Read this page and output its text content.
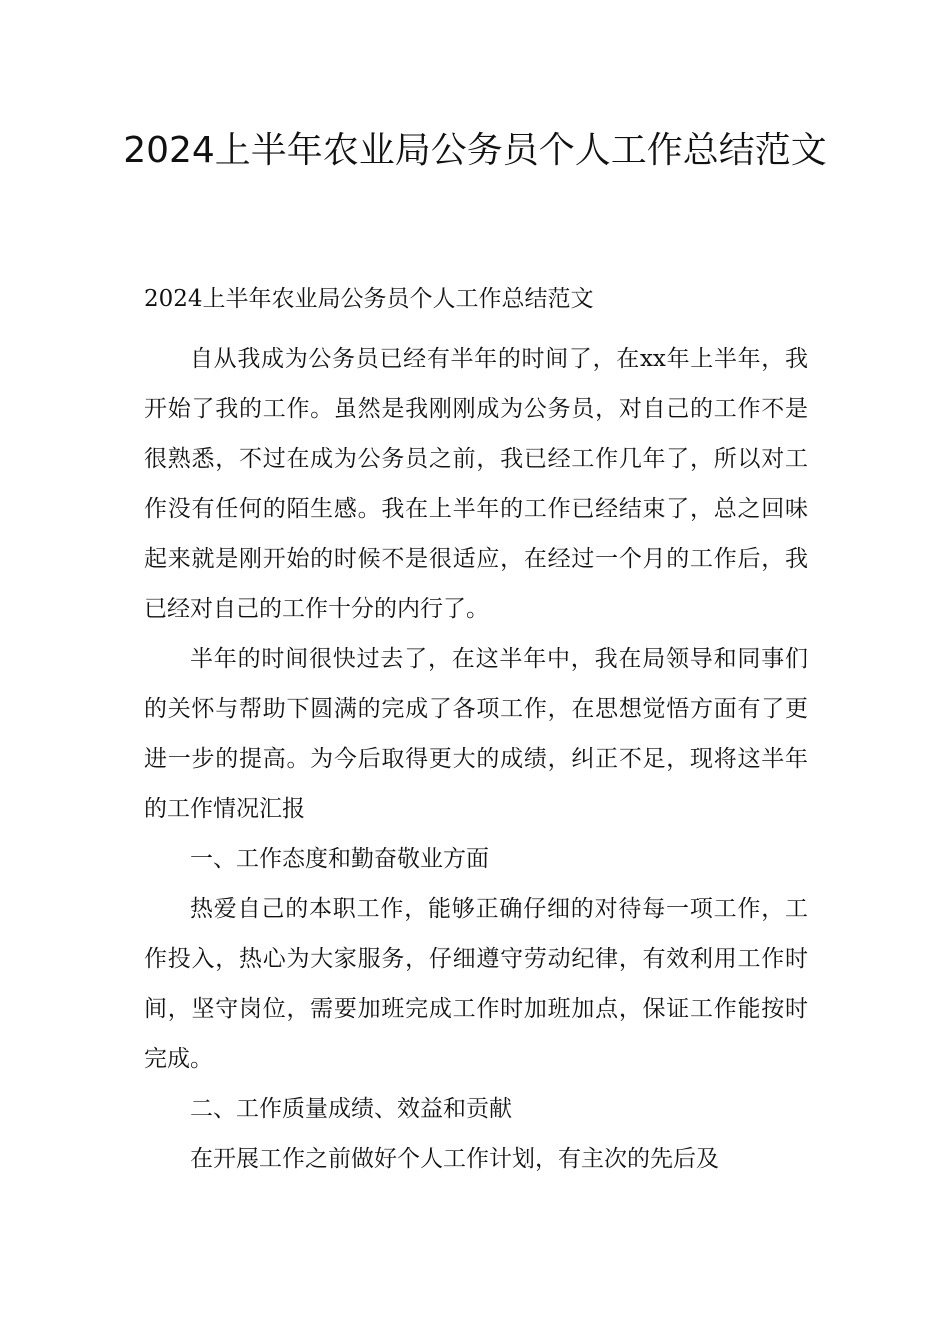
2024上半年农业局公务员个人工作总结范文

2024上半年农业局公务员个人工作总结范文

自从我成为公务员已经有半年的时间了，在xx年上半年，我开始了我的工作。虽然是我刚刚成为公务员，对自己的工作不是很熟悉，不过在成为公务员之前，我已经工作几年了，所以对工作没有任何的陌生感。我在上半年的工作已经结束了，总之回味起来就是刚开始的时候不是很适应，在经过一个月的工作后，我已经对自己的工作十分的内行了。

半年的时间很快过去了，在这半年中，我在局领导和同事们的关怀与帮助下圆满的完成了各项工作，在思想觉悟方面有了更进一步的提高。为今后取得更大的成绩，纠正不足，现将这半年的工作情况汇报

一、工作态度和勤奋敬业方面

热爱自己的本职工作，能够正确仔细的对待每一项工作，工作投入，热心为大家服务，仔细遵守劳动纪律，有效利用工作时间，坚守岗位，需要加班完成工作时加班加点，保证工作能按时完成。

二、工作质量成绩、效益和贡献

在开展工作之前做好个人工作计划，有主次的先后及
